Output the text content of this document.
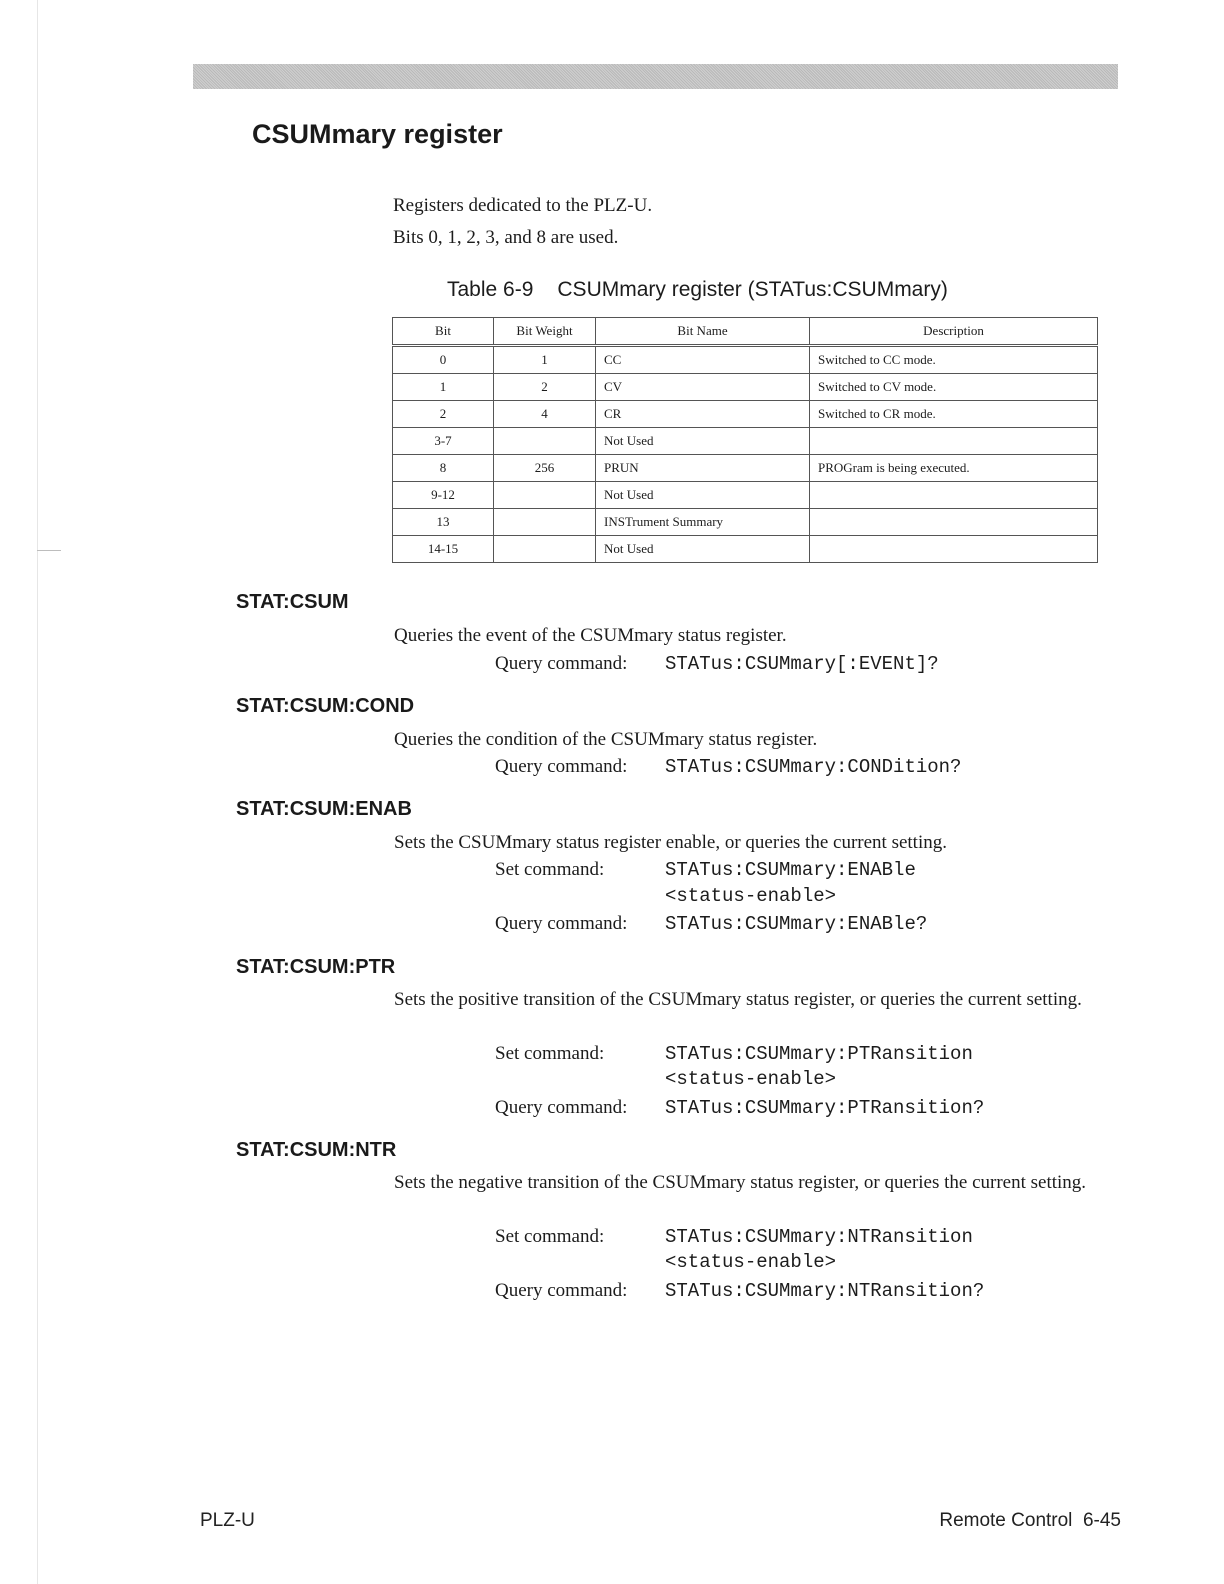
CSUMmary register

Registers dedicated to the PLZ-U.

Bits 0, 1, 2, 3, and 8 are used.

Table 6-9 CSUMmary register (STATus:CSUMmary)
Bit	Bit Weight	Bit Name	Description
0	1	CC	Switched to CC mode.
1	2	CV	Switched to CV mode.
2	4	CR	Switched to CR mode.
3-7		Not Used	
8	256	PRUN	PROGram is being executed.
9-12		Not Used	
13		INSTrument Summary	
14-15		Not Used	
STAT:CSUM
Queries the event of the CSUMmary status register.
Query command: STATus:CSUMmary[:EVENt]?
STAT:CSUM:COND
Queries the condition of the CSUMmary status register.
Query command: STATus:CSUMmary:CONDition?
STAT:CSUM:ENAB
Sets the CSUMmary status register enable, or queries the current setting.
Set command:	STATus:CSUMmary:ENABle
<status-enable>
Query command: STATus:CSUMmary:ENABle?
STAT:CSUM:PTR
Sets the positive transition of the CSUMmary status register, or queries the current setting.
Set command:	STATus:CSUMmary:PTRansition
<status-enable>
Query command: STATus:CSUMmary:PTRansition?
STAT:CSUM:NTR
Sets the negative transition of the CSUMmary status register, or queries the current setting.
Set command:	STATus:CSUMmary:NTRansition
<status-enable>
Query command: STATus:CSUMmary:NTRansition?
PLZ-U	Remote Control  6-45
